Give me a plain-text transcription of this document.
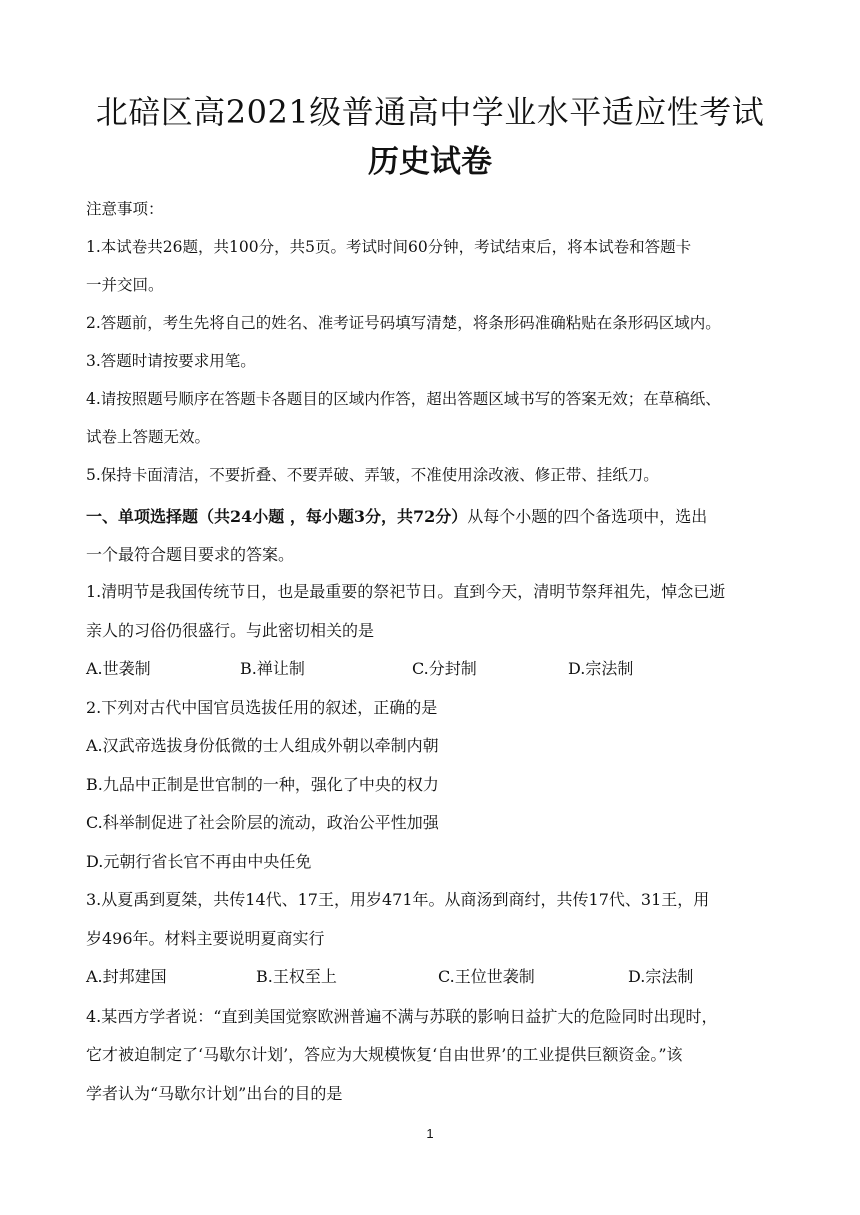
北碚区高2021级普通高中学业水平适应性考试
历史试卷
注意事项：
1.本试卷共26题，共100分，共5页。考试时间60分钟，考试结束后，将本试卷和答题卡
一并交回。
2.答题前，考生先将自己的姓名、准考证号码填写清楚，将条形码准确粘贴在条形码区域内。
3.答题时请按要求用笔。
4.请按照题号顺序在答题卡各题目的区域内作答，超出答题区域书写的答案无效；在草稿纸、
试卷上答题无效。
5.保持卡面清洁，不要折叠、不要弄破、弄皱，不准使用涂改液、修正带、挂纸刀。
一、单项选择题（共24小题 ，每小题3分，共72分）从每个小题的四个备选项中，选出
一个最符合题目要求的答案。
1.清明节是我国传统节日，也是最重要的祭祀节日。直到今天，清明节祭拜祖先，悼念已逝
亲人的习俗仍很盛行。与此密切相关的是
A.世袭制	B.禅让制	C.分封制	D.宗法制
2.下列对古代中国官员选拔任用的叙述，正确的是
A.汉武帝选拔身份低微的士人组成外朝以牵制内朝
B.九品中正制是世官制的一种，强化了中央的权力
C.科举制促进了社会阶层的流动，政治公平性加强
D.元朝行省长官不再由中央任免
3.从夏禹到夏桀，共传14代、17王，用岁471年。从商汤到商纣，共传17代、31王，用
岁496年。材料主要说明夏商实行
A.封邦建国	B.王权至上	C.王位世袭制	D.宗法制
4.某西方学者说：“直到美国觉察欧洲普遍不满与苏联的影响日益扩大的危险同时出现时，
它才被迫制定了‘马歇尔计划’，答应为大规模恢复‘自由世界’的工业提供巨额资金。”该
学者认为“马歇尔计划”出台的目的是
1
